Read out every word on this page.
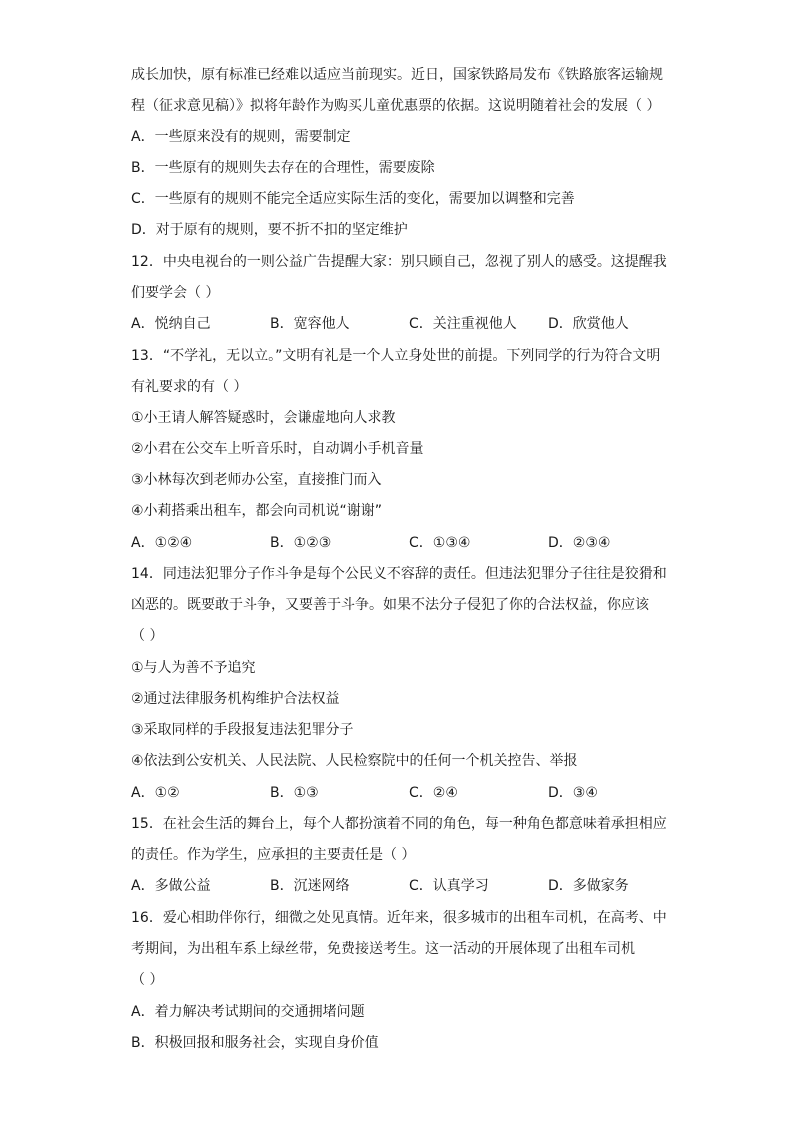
成长加快，原有标准已经难以适应当前现实。近日，国家铁路局发布《铁路旅客运输规
程（征求意见稿）》拟将年龄作为购买儿童优惠票的依据。这说明随着社会的发展（ ）
A．一些原来没有的规则，需要制定
B．一些原有的规则失去存在的合理性，需要废除
C．一些原有的规则不能完全适应实际生活的变化，需要加以调整和完善
D．对于原有的规则，要不折不扣的坚定维护
12．中央电视台的一则公益广告提醒大家：别只顾自己，忽视了别人的感受。这提醒我
们要学会（ ）
A．悦纳自己	B．宽容他人	C．关注重视他人 D．欣赏他人
13．“不学礼，无以立。”文明有礼是一个人立身处世的前提。下列同学的行为符合文明
有礼要求的有（ ）
①小王请人解答疑惑时，会谦虚地向人求教
②小君在公交车上听音乐时，自动调小手机音量
③小林每次到老师办公室，直接推门而入
④小莉搭乘出租车，都会向司机说“谢谢”
A．①②④	B．①②③	C．①③④	D．②③④
14．同违法犯罪分子作斗争是每个公民义不容辞的责任。但违法犯罪分子往往是狡猾和
凶恶的。既要敢于斗争，又要善于斗争。如果不法分子侵犯了你的合法权益，你应该
（ ）
①与人为善不予追究
②通过法律服务机构维护合法权益
③采取同样的手段报复违法犯罪分子
④依法到公安机关、人民法院、人民检察院中的任何一个机关控告、举报
A．①②	B．①③	C．②④	D．③④
15．在社会生活的舞台上，每个人都扮演着不同的角色，每一种角色都意味着承担相应
的责任。作为学生，应承担的主要责任是（ ）
A．多做公益	B．沉迷网络	C．认真学习	D．多做家务
16．爱心相助伴你行，细微之处见真情。近年来，很多城市的出租车司机，在高考、中
考期间，为出租车系上绿丝带，免费接送考生。这一活动的开展体现了出租车司机
（ ）
A．着力解决考试期间的交通拥堵问题
B．积极回报和服务社会，实现自身价值
